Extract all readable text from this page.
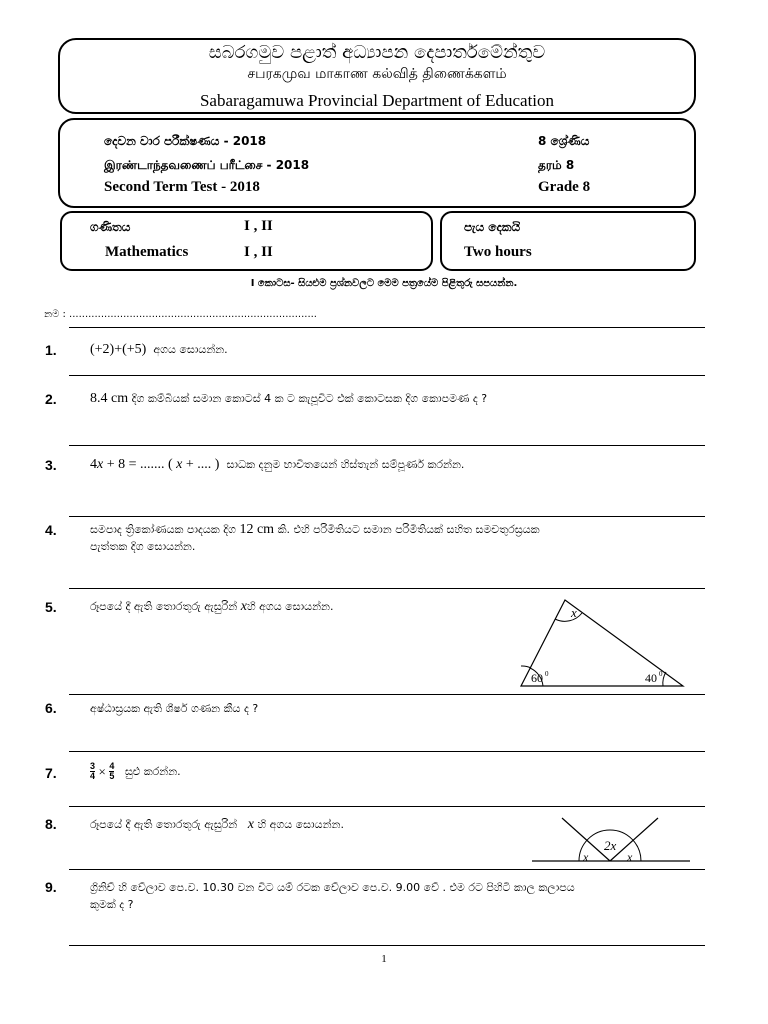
සබරගමුව පළාත් අධ්‍යාපන දෙපාර්තමේන්තුව
சபரகமுவ மாகாண கல்வித் திணைக்களம்
Sabaragamuwa Provincial Department of Education
දෙවන වාර පරීක්ෂණය - 2018
இரண்டாந்தவணைப் பரீட்சை - 2018
Second Term Test - 2018
8 ශ්‍රේණිය
தரம் 8
Grade 8
ගණිතය	I , II
Mathematics	I , II
පැය දෙකයි
Two hours
I කොටස- සියළුම ප්‍රශ්නවලට මෙම පත්‍රයේම පිළිතුරු සපයන්න.
නම : ..............................................................................
1. (+2)+(+5) අගය සොයන්න.
2. 8.4 cm දිග කම්බියක් සමාන කොටස් 4 ක ට කැපූවිට එක් කොටසක දිග කොපමණ ද ?
3. 4x + 8 = ....... ( x + .... ) සාධක දනුම භාවිතයෙන් හිස්තැන් සම්පූර්ණ කරන්න.
4.	සමපාද ත්‍රිකෝණයක පාදයක දිග 12 cm කි. එහි පරිමිතියට සමාන පරිමිතියක් සහිත සමචතුරස්‍රයක
පැත්තක දිග සොයන්න.
5.	රූපයේ දී ඇති තොරතුරු ඇසුරින් xහි අගය සොයන්න.	x
60 0	40 0
6.	අෂ්ඨාස්‍රයක ඇති ශීර්ෂ ගණන කීය ද ?
7.	$\frac{3}{4} \times \frac{4}{5}$ සුළු කරන්න.
8.	රූපයේ දී ඇති තොරතුරු ඇසුරින් x හි අගය සොයන්න.
2x
x	x
9.	ග්‍රිනිච් හි වේලාව පෙ.ව. 10.30 වන විට යම් රටක වේලාව පෙ.ව. 9.00 වේ . එම රට පිහිටි කාල කලාපය
කුමක් ද ?
1
